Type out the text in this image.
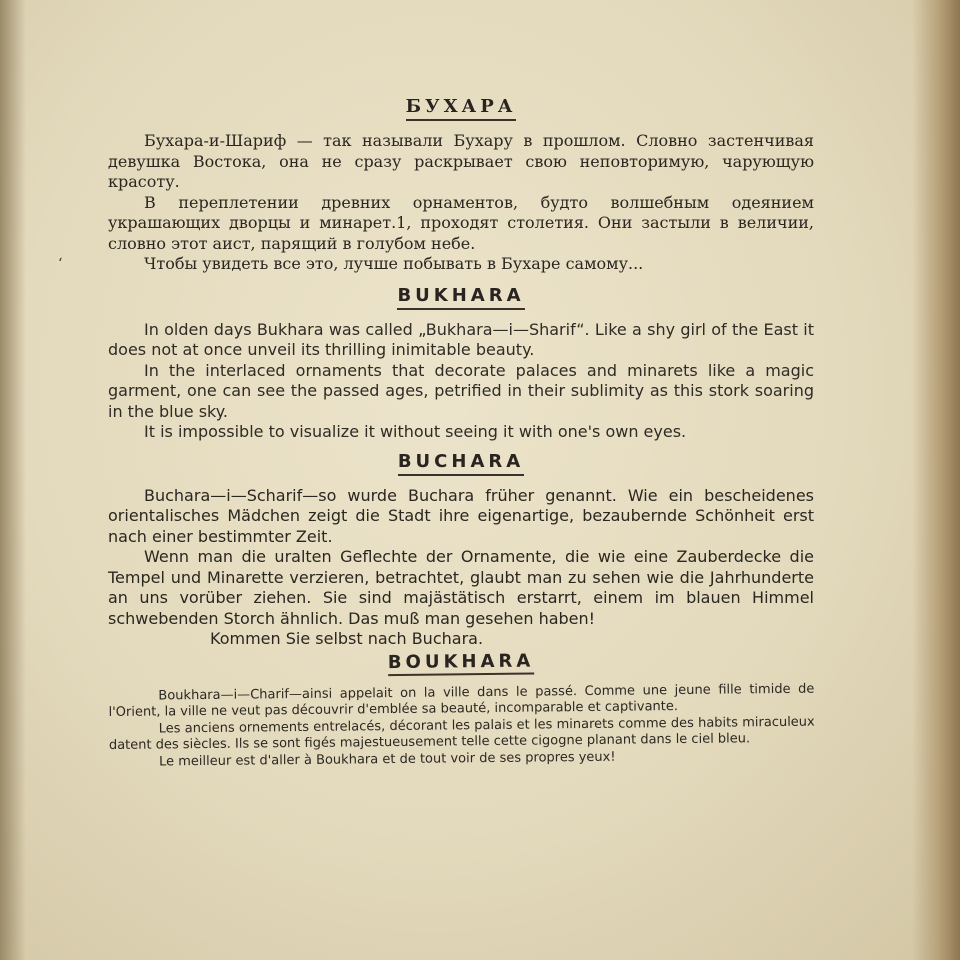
‘
БУХАРА

Бухара-и-Шариф — так называли Бухару в прошлом. Словно застенчивая девушка Востока, она не сразу раскрывает свою неповторимую, чарующую красоту.

В переплетении древних орнаментов, будто волшебным одеянием украшающих дворцы и минарет.1, проходят столетия. Они застыли в величии, словно этот аист, парящий в голубом небе.

Чтобы увидеть все это, лучше побывать в Бухаре самому...

BUKHARA

In olden days Bukhara was called „Bukhara—i—Sharif“. Like a shy girl of the East it does not at once unveil its thrilling inimitable beauty.

In the interlaced ornaments that decorate palaces and minarets like a magic garment, one can see the passed ages, petrified in their sublimity as this stork soaring in the blue sky.

It is impossible to visualize it without seeing it with one's own eyes.

BUCHARA

Buchara—i—Scharif—so wurde Buchara früher genannt. Wie ein bescheidenes orientalisches Mädchen zeigt die Stadt ihre eigenartige, bezaubernde Schönheit erst nach einer bestimmter Zeit.

Wenn man die uralten Geflechte der Ornamente, die wie eine Zauberdecke die Tempel und Minarette verzieren, betrachtet, glaubt man zu sehen wie die Jahrhunderte an uns vorüber ziehen. Sie sind majästätisch erstarrt, einem im blauen Himmel schwebenden Storch ähnlich. Das muß man gesehen haben!

Kommen Sie selbst nach Buchara.

BOUKHARA

Boukhara—i—Charif—ainsi appelait on la ville dans le passé. Comme une jeune fille timide de l'Orient, la ville ne veut pas découvrir d'emblée sa beauté, incomparable et captivante.

Les anciens ornements entrelacés, décorant les palais et les minarets comme des habits miraculeux datent des siècles. Ils se sont figés majestueusement telle cette cigogne planant dans le ciel bleu.

Le meilleur est d'aller à Boukhara et de tout voir de ses propres yeux!
